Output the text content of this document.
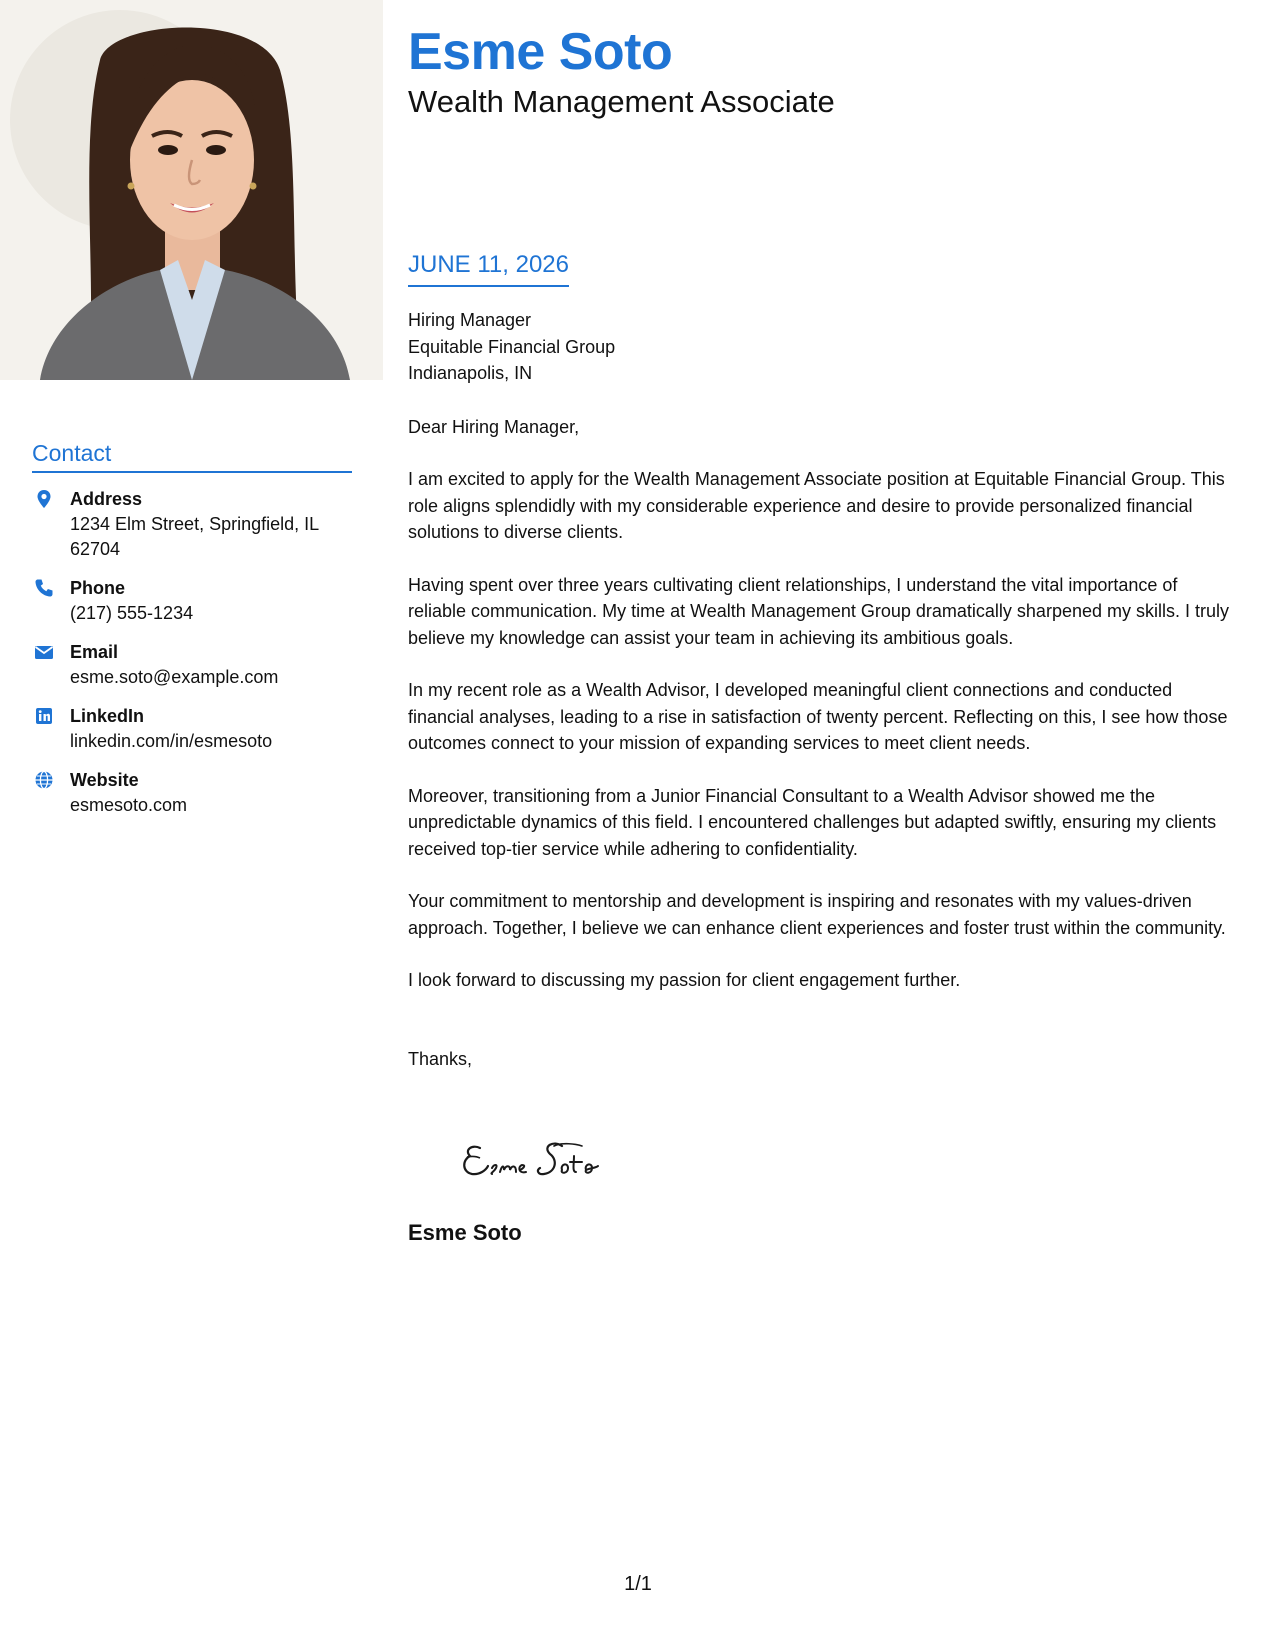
Contact
Address
1234 Elm Street, Springfield, IL 62704
Phone
(217) 555-1234
Email
esme.soto@example.com
LinkedIn
linkedin.com/in/esmesoto
Website
esmesoto.com
Esme Soto
Wealth Management Associate
JUNE 11, 2026
Hiring Manager
Equitable Financial Group
Indianapolis, IN
Dear Hiring Manager,
I am excited to apply for the Wealth Management Associate position at Equitable Financial Group. This role aligns splendidly with my considerable experience and desire to provide personalized financial solutions to diverse clients.
Having spent over three years cultivating client relationships, I understand the vital importance of reliable communication. My time at Wealth Management Group dramatically sharpened my skills. I truly believe my knowledge can assist your team in achieving its ambitious goals.
In my recent role as a Wealth Advisor, I developed meaningful client connections and conducted financial analyses, leading to a rise in satisfaction of twenty percent. Reflecting on this, I see how those outcomes connect to your mission of expanding services to meet client needs.
Moreover, transitioning from a Junior Financial Consultant to a Wealth Advisor showed me the unpredictable dynamics of this field. I encountered challenges but adapted swiftly, ensuring my clients received top-tier service while adhering to confidentiality.
Your commitment to mentorship and development is inspiring and resonates with my values-driven approach. Together, I believe we can enhance client experiences and foster trust within the community.
I look forward to discussing my passion for client engagement further.
Thanks,
Esme Soto
1/1
